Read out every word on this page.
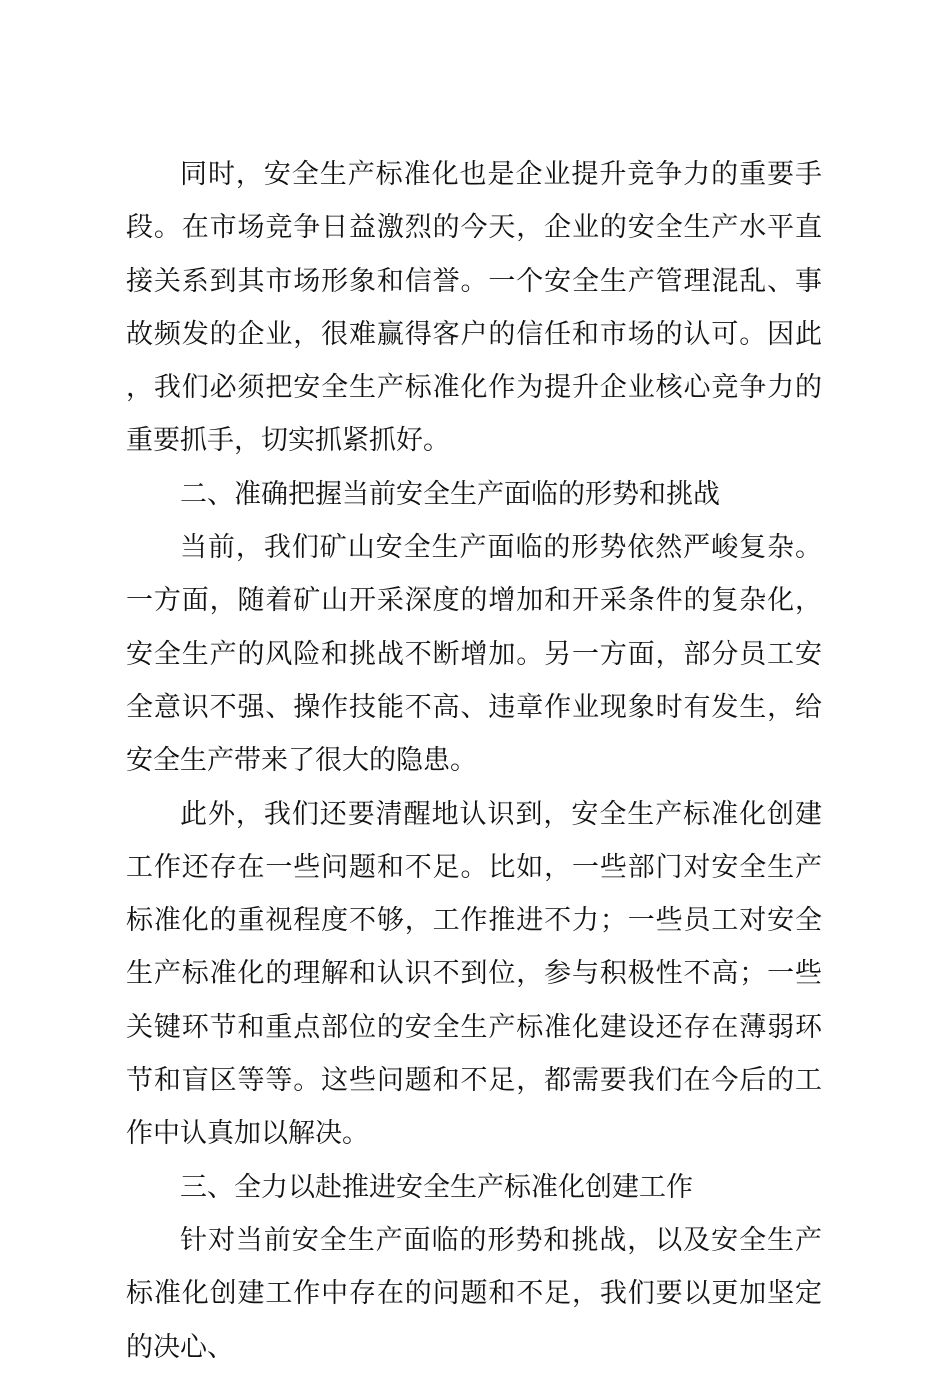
同时，安全生产标准化也是企业提升竞争力的重要手段。在市场竞争日益激烈的今天，企业的安全生产水平直接关系到其市场形象和信誉。一个安全生产管理混乱、事故频发的企业，很难赢得客户的信任和市场的认可。因此，我们必须把安全生产标准化作为提升企业核心竞争力的重要抓手，切实抓紧抓好。

二、准确把握当前安全生产面临的形势和挑战

当前，我们矿山安全生产面临的形势依然严峻复杂。一方面，随着矿山开采深度的增加和开采条件的复杂化，安全生产的风险和挑战不断增加。另一方面，部分员工安全意识不强、操作技能不高、违章作业现象时有发生，给安全生产带来了很大的隐患。

此外，我们还要清醒地认识到，安全生产标准化创建工作还存在一些问题和不足。比如，一些部门对安全生产标准化的重视程度不够，工作推进不力；一些员工对安全生产标准化的理解和认识不到位，参与积极性不高；一些关键环节和重点部位的安全生产标准化建设还存在薄弱环节和盲区等等。这些问题和不足，都需要我们在今后的工作中认真加以解决。

三、全力以赴推进安全生产标准化创建工作

针对当前安全生产面临的形势和挑战，以及安全生产标准化创建工作中存在的问题和不足，我们要以更加坚定的决心、
